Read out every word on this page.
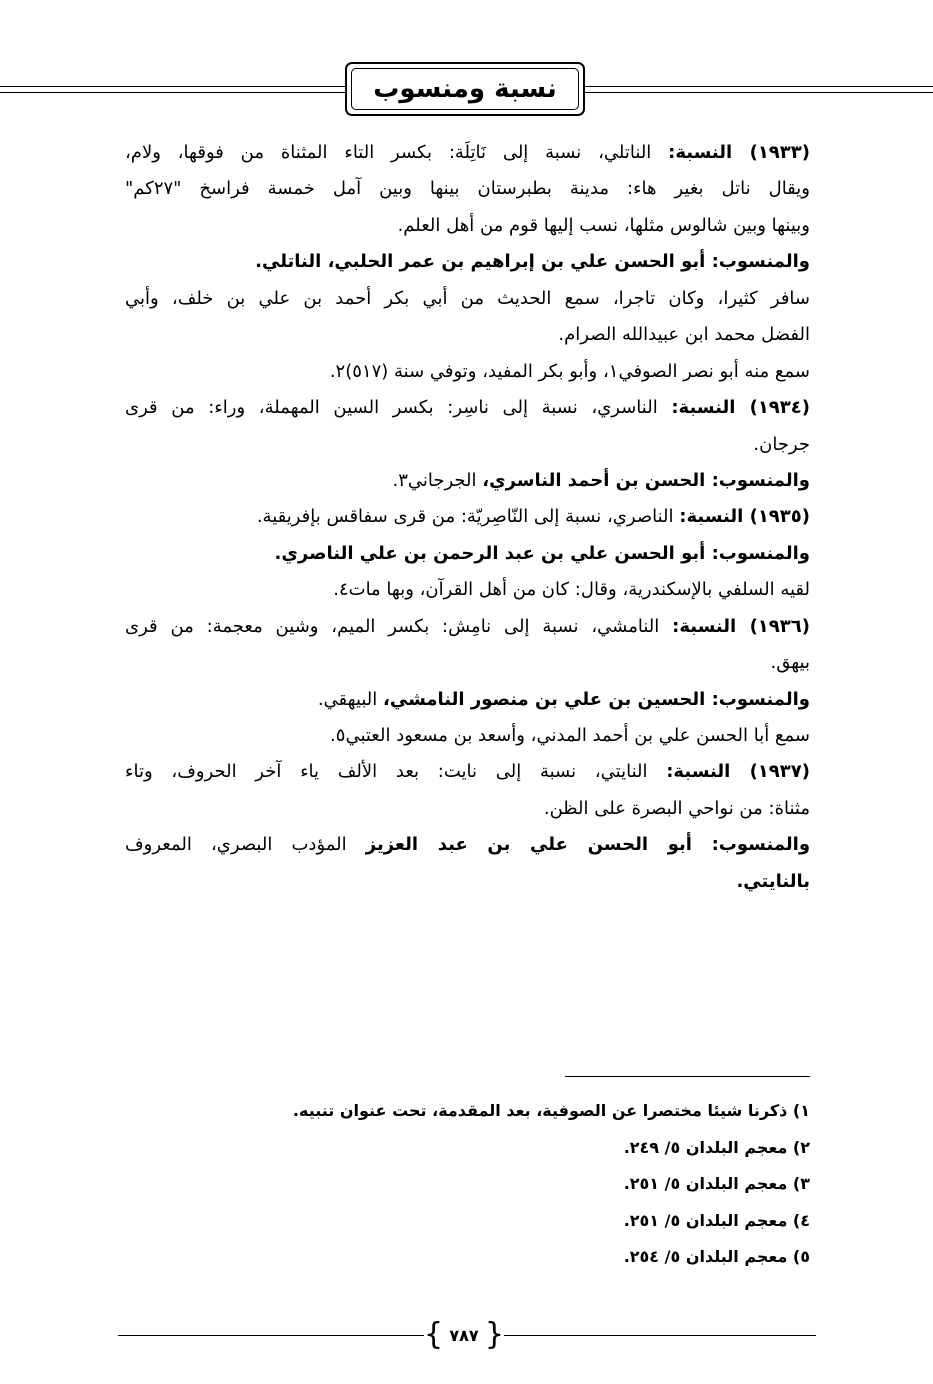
نسبة ومنسوب
(١٩٣٣) النسبة: الناتلي، نسبة إلى نَاتِلَة: بكسر التاء المثناة من فوقها، ولام،
ويقال ناتل بغير هاء: مدينة بطبرستان بينها وبين آمل خمسة فراسخ "٢٧كم"
وبينها وبين شالوس مثلها، نسب إليها قوم من أهل العلم.
والمنسوب: أبو الحسن علي بن إبراهيم بن عمر الحلبي، الناتلي.
سافر كثيرا، وكان تاجرا، سمع الحديث من أبي بكر أحمد بن علي بن خلف، وأبي
الفضل محمد ابن عبيدالله الصرام.
سمع منه أبو نصر الصوفي١، وأبو بكر المفيد، وتوفي سنة (٥١٧)٢.
(١٩٣٤) النسبة: الناسري، نسبة إلى ناسِر: بكسر السين المهملة، وراء: من قرى
جرجان.
والمنسوب: الحسن بن أحمد الناسري، الجرجاني٣.
(١٩٣٥) النسبة: الناصري، نسبة إلى النّاصِريّة: من قرى سفاقس بإفريقية.
والمنسوب: أبو الحسن علي بن عبد الرحمن بن علي الناصري.
لقيه السلفي بالإسكندرية، وقال: كان من أهل القرآن، وبها مات٤.
(١٩٣٦) النسبة: النامشي، نسبة إلى نامِش: بكسر الميم، وشين معجمة: من قرى
بيهق.
والمنسوب: الحسين بن علي بن منصور النامشي، البيهقي.
سمع أبا الحسن علي بن أحمد المدني، وأسعد بن مسعود العتبي٥.
(١٩٣٧) النسبة: النايتي، نسبة إلى نايت: بعد الألف ياء آخر الحروف، وتاء
مثناة: من نواحي البصرة على الظن.
والمنسوب: أبو الحسن علي بن عبد العزيز المؤدب البصري، المعروف
بالنايتي.
١) ذكرنا شيئا مختصرا عن الصوفية، بعد المقدمة، تحت عنوان تنبيه.
٢) معجم البلدان ٥/ ٢٤٩.
٣) معجم البلدان ٥/ ٢٥١.
٤) معجم البلدان ٥/ ٢٥١.
٥) معجم البلدان ٥/ ٢٥٤.
{ ٧٨٧ }
